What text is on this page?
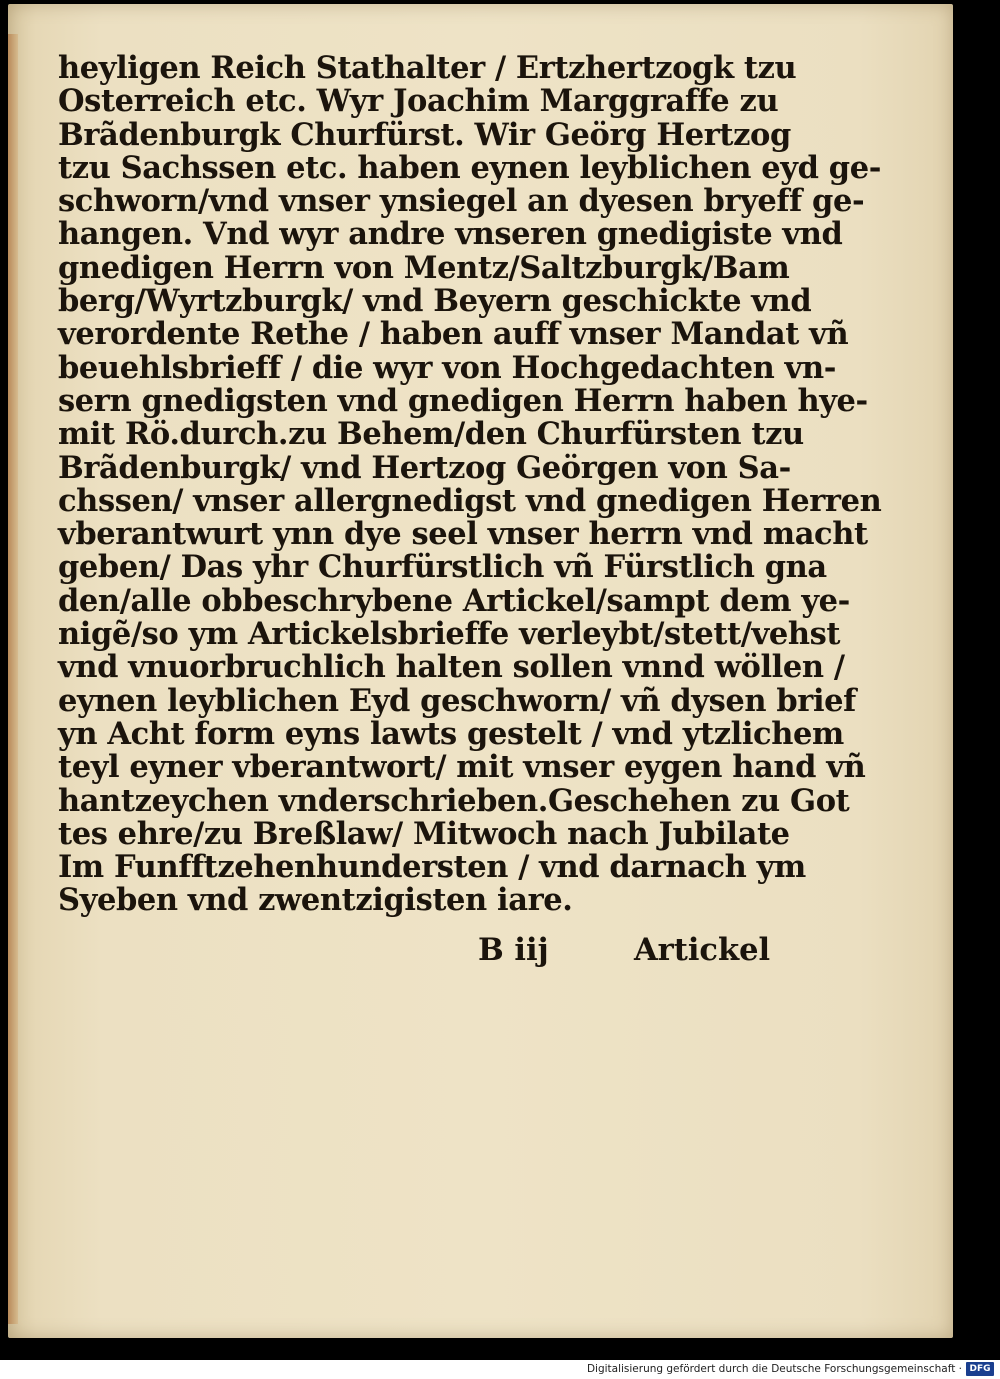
heyligen Reich Stathalter / Ertzhertzogk tzu
Osterreich etc. Wyr Joachim Marggraffe zu
Brãdenburgk Churfürst. Wir Geörg Hertzog
tzu Sachssen etc. haben eynen leyblichen eyd ge-
schworn/vnd vnser ynsiegel an dyesen bryeff ge-
hangen. Vnd wyr andre vnseren gnedigiste vnd
gnedigen Herrn von Mentz/Saltzburgk/Bam
berg/Wyrtzburgk/ vnd Beyern geschickte vnd
verordente Rethe / haben auff vnser Mandat vñ
beuehlsbrieff / die wyr von Hochgedachten vn-
sern gnedigsten vnd gnedigen Herrn haben hye-
mit Rö.durch.zu Behem/den Churfürsten tzu
Brãdenburgk/ vnd Hertzog Geörgen von Sa-
chssen/ vnser allergnedigst vnd gnedigen Herren
vberantwurt ynn dye seel vnser herrn vnd macht
geben/ Das yhr Churfürstlich vñ Fürstlich gna
den/alle obbeschrybene Artickel/sampt dem ye-
nigẽ/so ym Artickelsbrieffe verleybt/stett/vehst
vnd vnuorbruchlich halten sollen vnnd wöllen /
eynen leyblichen Eyd geschworn/ vñ dysen brief
yn Acht form eyns lawts gestelt / vnd ytzlichem
teyl eyner vberantwort/ mit vnser eygen hand vñ
hantzeychen vnderschrieben.Geschehen zu Got
tes ehre/zu Breßlaw/ Mitwoch nach Jubilate
Im Funfftzehenhundersten / vnd darnach ym
Syeben vnd zwentzigisten iare.
B iij	Artickel
Digitalisierung gefördert durch die Deutsche Forschungsgemeinschaft · DFG
